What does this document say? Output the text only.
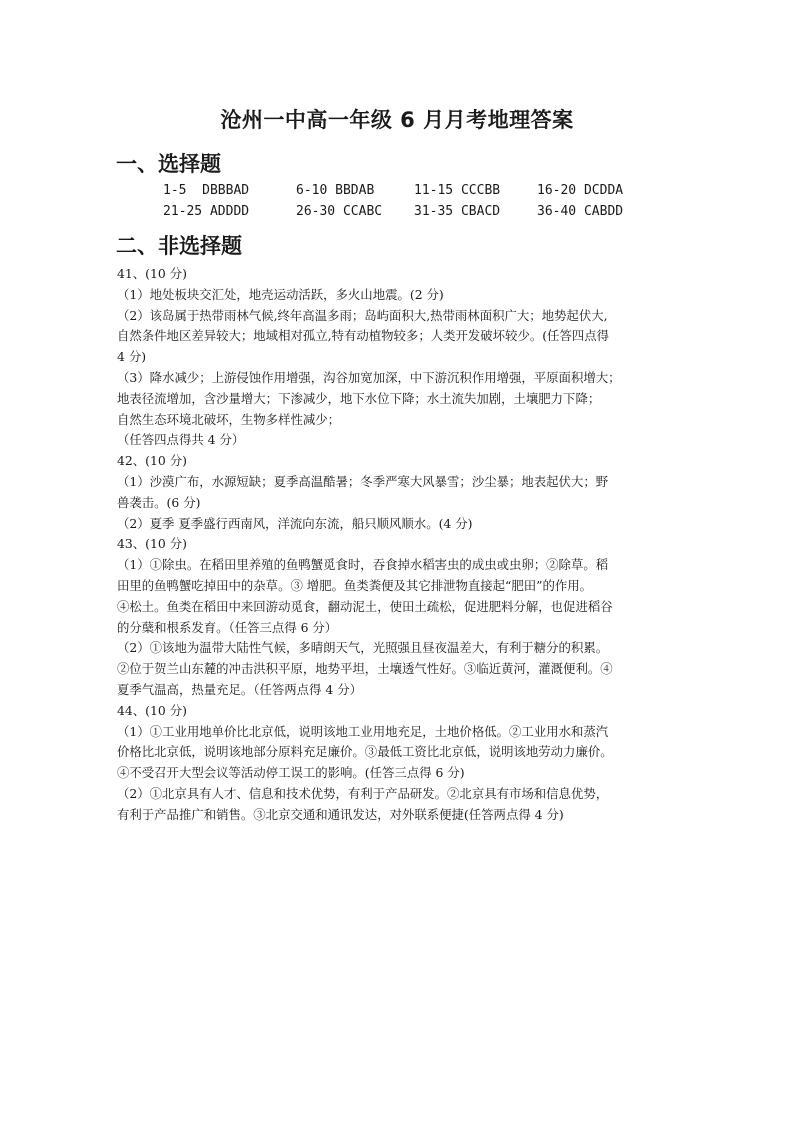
沧州一中高一年级 6 月月考地理答案
一、选择题
1-5  DBBBAD	6-10 BBDAB	11-15 CCCBB	16-20 DCDDA
21-25 ADDDD	26-30 CCABC	31-35 CBACD	36-40 CABDD
二、非选择题
41、(10 分)
（1）地处板块交汇处，地壳运动活跃，多火山地震。(2 分)
（2）该岛属于热带雨林气候,终年高温多雨；岛屿面积大,热带雨林面积广大；地势起伏大,
自然条件地区差异较大；地域相对孤立,特有动植物较多；人类开发破坏较少。(任答四点得
4 分)
（3）降水减少；上游侵蚀作用增强，沟谷加宽加深，中下游沉积作用增强，平原面积增大；
地表径流增加，含沙量增大；下渗减少，地下水位下降；水土流失加剧，土壤肥力下降；
自然生态环境北破坏，生物多样性减少；
（任答四点得共 4 分）
42、(10 分)
（1）沙漠广布，水源短缺；夏季高温酷暑；冬季严寒大风暴雪；沙尘暴；地表起伏大；野
兽袭击。(6 分)
（2）夏季 夏季盛行西南风，洋流向东流，船只顺风顺水。(4 分)
43、(10 分)
（1）①除虫。在稻田里养殖的鱼鸭蟹觅食时，吞食掉水稻害虫的成虫或虫卵；②除草。稻
田里的鱼鸭蟹吃掉田中的杂草。③ 增肥。鱼类粪便及其它排泄物直接起“肥田”的作用。
④松土。鱼类在稻田中来回游动觅食，翻动泥土，使田土疏松，促进肥料分解，也促进稻谷
的分蘖和根系发育。（任答三点得 6 分）
（2）①该地为温带大陆性气候，多晴朗天气，光照强且昼夜温差大，有利于糖分的积累。
②位于贺兰山东麓的冲击洪积平原，地势平坦，土壤透气性好。③临近黄河，灌溉便利。④
夏季气温高，热量充足。（任答两点得 4 分）
44、(10 分)
（1）①工业用地单价比北京低，说明该地工业用地充足，土地价格低。②工业用水和蒸汽
价格比北京低，说明该地部分原料充足廉价。③最低工资比北京低，说明该地劳动力廉价。
④不受召开大型会议等活动停工误工的影响。(任答三点得 6 分)
（2）①北京具有人才、信息和技术优势，有利于产品研发。②北京具有市场和信息优势，
有利于产品推广和销售。③北京交通和通讯发达，对外联系便捷(任答两点得 4 分)
